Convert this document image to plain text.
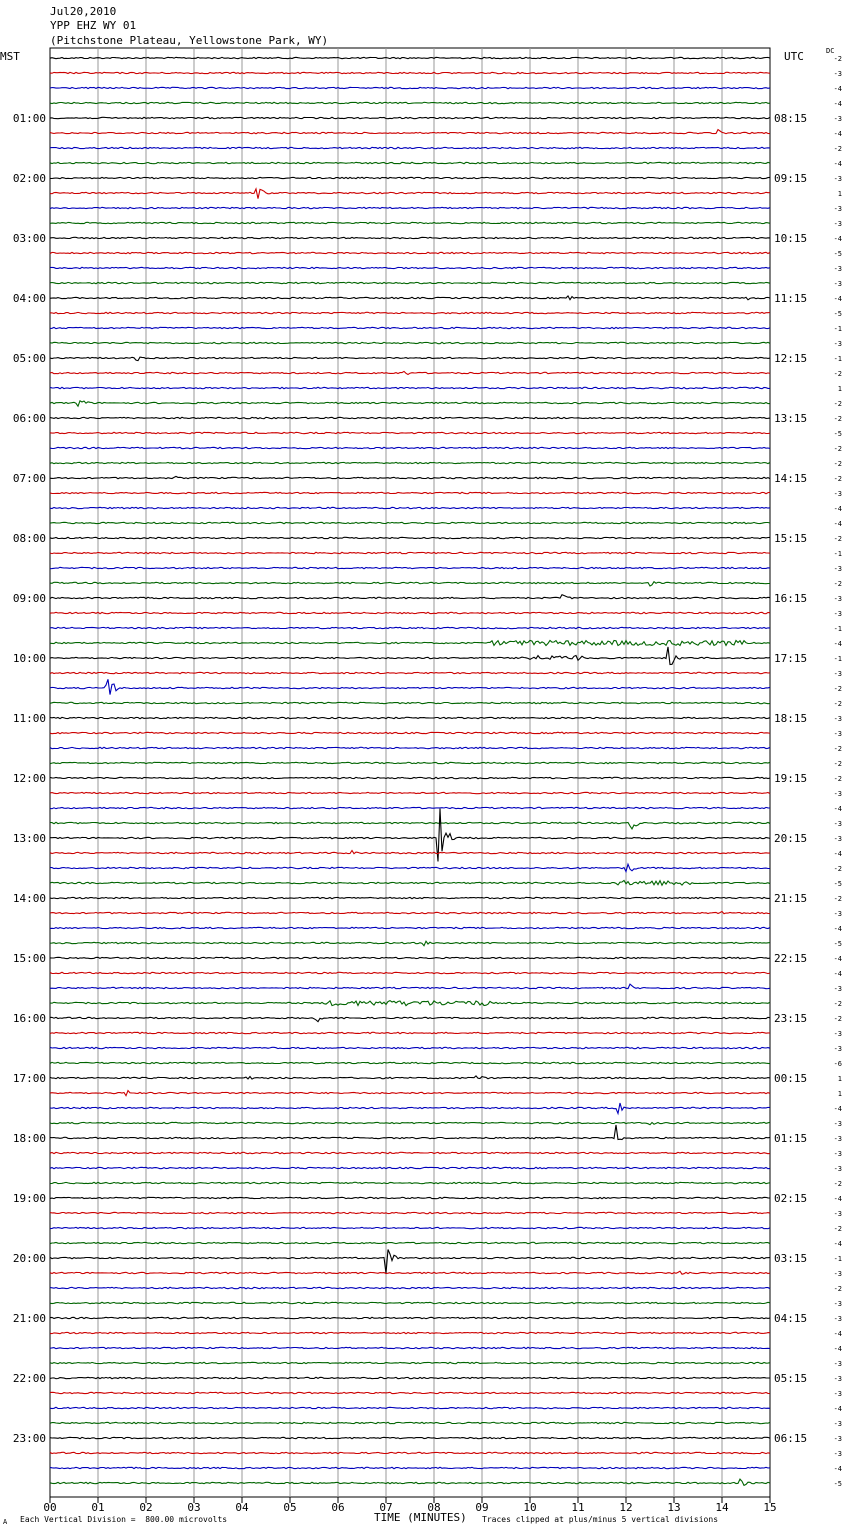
Jul20,2010
YPP EHZ WY 01
(Pitchstone Plateau, Yellowstone Park, WY)
MST	UTC	DC
-2
-3
-4
-4
-3
-4
-2
-4
-3
1
-3
-3
-4
-5
-3
-3
-4
-5
-1
-3
-1
-2
1
-2
-2
-5
-2
-2
-2
-3
-4
-4
-2
-1
-3
-2
-3
-3
-1
-4
-1
-3
-2
-2
-3
-3
-2
-2
-2
-3
-4
-3
-3
-4
-2
-5
-2
-3
-4
-5
-4
-4
-3
-2
-2
-3
-3
-6
1
1
-4
-3
-3
-3
-3
-2
-4
-3
-2
-4
-1
-3
-2
-3
-3
-4
-4
-3
-3
-3
-4
-3
-3
-3
-4
-5
01:00	08:15
02:00	09:15
03:00	10:15
04:00	11:15
05:00	12:15
06:00	13:15
07:00	14:15
08:00	15:15
09:00	16:15
10:00	17:15
11:00	18:15
12:00	19:15
13:00	20:15
14:00	21:15
15:00	22:15
16:00	23:15
17:00	00:15
18:00	01:15
19:00	02:15
20:00	03:15
21:00	04:15
22:00	05:15
23:00	06:15
00	01	02	03	04	05	06	07	08	09	10	11	12	13	14	15
A Each Vertical Division =  800.00 microvolts	TIME (MINUTES) Traces clipped at plus/minus 5 vertical divisions
